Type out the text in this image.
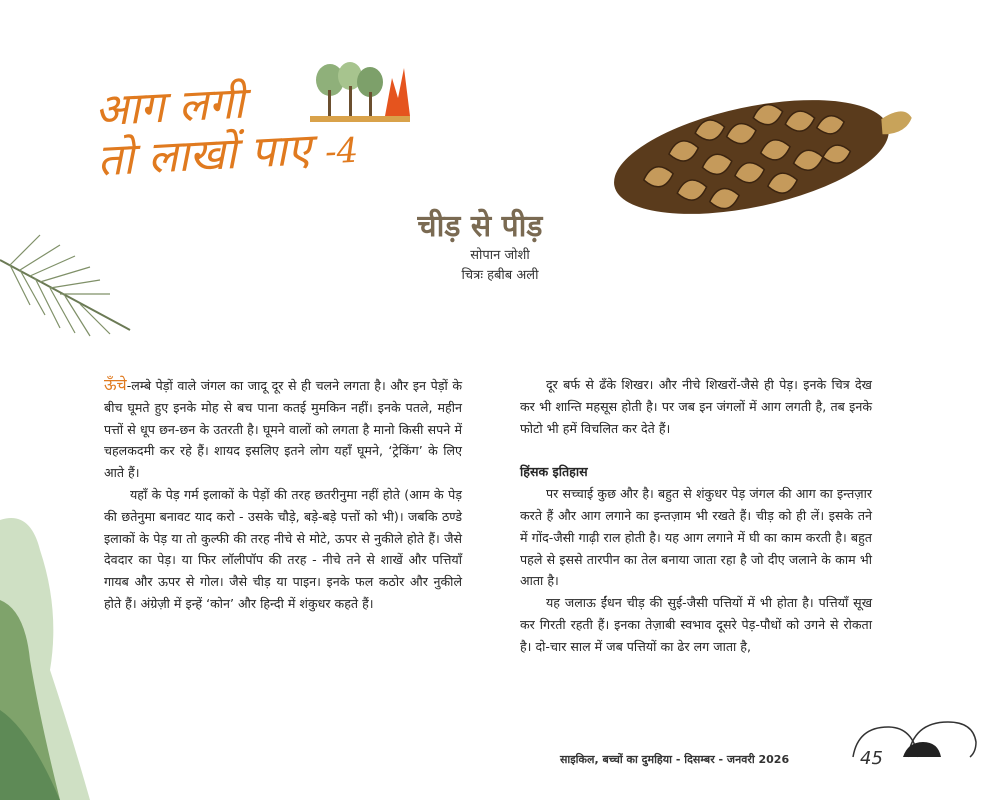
आग लगी
तो लाखों पाए -4
चीड़ से पीड़
सोपान जोशी
चित्रः हबीब अली

ऊँचे-लम्बे पेड़ों वाले जंगल का जादू दूर से ही चलने लगता है। और इन पेड़ों के बीच घूमते हुए इनके मोह से बच पाना कतई मुमकिन नहीं। इनके पतले, महीन पत्तों से धूप छन-छन के उतरती है। घूमने वालों को लगता है मानो किसी सपने में चहलकदमी कर रहे हैं। शायद इसलिए इतने लोग यहाँ घूमने, ‘ट्रेकिंग’ के लिए आते हैं।

यहाँ के पेड़ गर्म इलाकों के पेड़ों की तरह छतरीनुमा नहीं होते (आम के पेड़ की छतेनुमा बनावट याद करो - उसके चौड़े, बड़े-बड़े पत्तों को भी)। जबकि ठण्डे इलाकों के पेड़ या तो कुल्फी की तरह नीचे से मोटे, ऊपर से नुकीले होते हैं। जैसे देवदार का पेड़। या फिर लॉलीपॉप की तरह - नीचे तने से शाखें और पत्तियाँ गायब और ऊपर से गोल। जैसे चीड़ या पाइन। इनके फल कठोर और नुकीले होते हैं। अंग्रेज़ी में इन्हें ‘कोन’ और हिन्दी में शंकुधर कहते हैं।

दूर बर्फ से ढँके शिखर। और नीचे शिखरों-जैसे ही पेड़। इनके चित्र देख कर भी शान्ति महसूस होती है। पर जब इन जंगलों में आग लगती है, तब इनके फोटो भी हमें विचलित कर देते हैं।

हिंसक इतिहास

पर सच्चाई कुछ और है। बहुत से शंकुधर पेड़ जंगल की आग का इन्तज़ार करते हैं और आग लगाने का इन्तज़ाम भी रखते हैं। चीड़ को ही लें। इसके तने में गोंद-जैसी गाढ़ी राल होती है। यह आग लगाने में घी का काम करती है। बहुत पहले से इससे तारपीन का तेल बनाया जाता रहा है जो दीए जलाने के काम भी आता है।

यह जलाऊ ईंधन चीड़ की सुई-जैसी पत्तियों में भी होता है। पत्तियाँ सूख कर गिरती रहती हैं। इनका तेज़ाबी स्वभाव दूसरे पेड़-पौधों को उगने से रोकता है। दो-चार साल में जब पत्तियों का ढेर लग जाता है,

साइकिल, बच्चों का दुमहिया - दिसम्बर - जनवरी 2026	45
